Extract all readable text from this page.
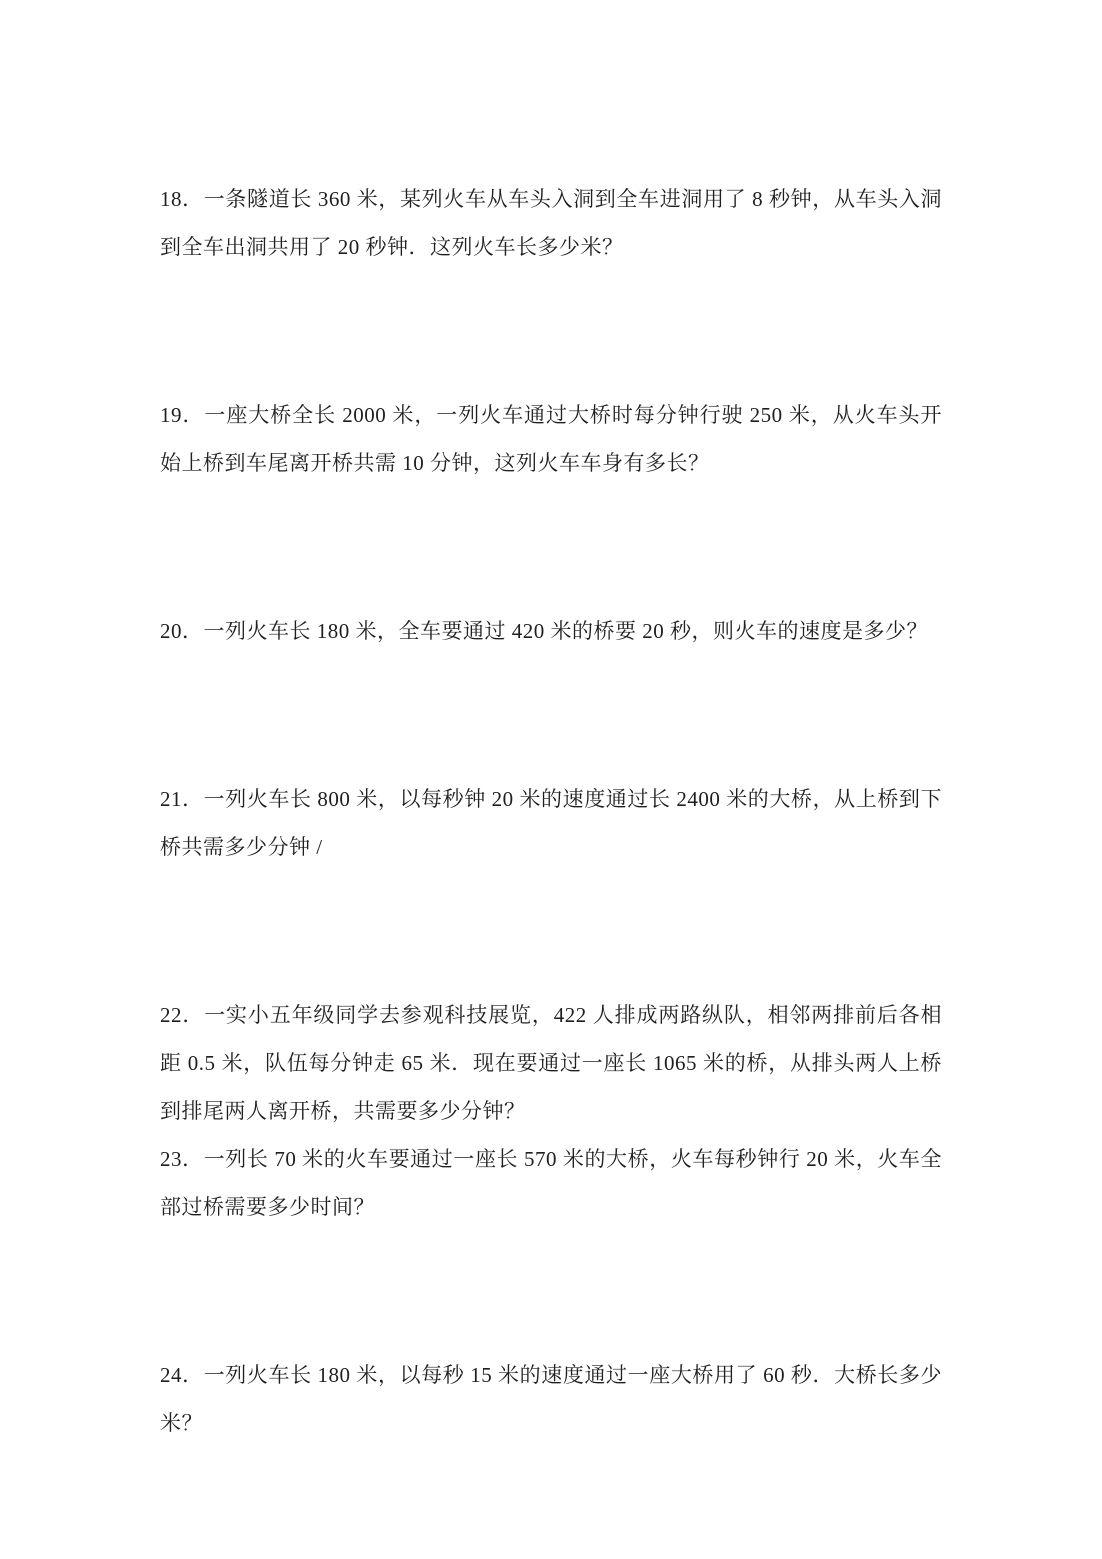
18．一条隧道长 360 米，某列火车从车头入洞到全车进洞用了 8 秒钟，从车头入洞到全车出洞共用了 20 秒钟．这列火车长多少米？

19．一座大桥全长 2000 米，一列火车通过大桥时每分钟行驶 250 米，从火车头开始上桥到车尾离开桥共需 10 分钟，这列火车车身有多长？

20．一列火车长 180 米，全车要通过 420 米的桥要 20 秒，则火车的速度是多少？

21．一列火车长 800 米，以每秒钟 20 米的速度通过长 2400 米的大桥，从上桥到下桥共需多少分钟 /

22．一实小五年级同学去参观科技展览，422 人排成两路纵队，相邻两排前后各相距 0.5 米，队伍每分钟走 65 米．现在要通过一座长 1065 米的桥，从排头两人上桥到排尾两人离开桥，共需要多少分钟？

23．一列长 70 米的火车要通过一座长 570 米的大桥，火车每秒钟行 20 米，火车全部过桥需要多少时间？

24．一列火车长 180 米，以每秒 15 米的速度通过一座大桥用了 60 秒．大桥长多少米？
